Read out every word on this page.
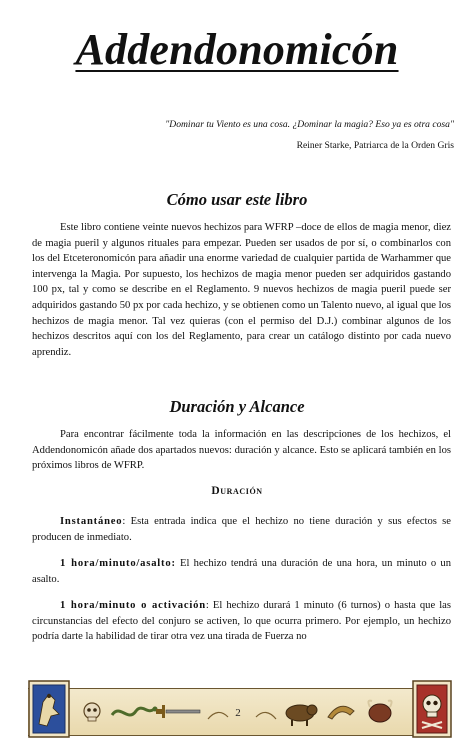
Addendonomicón

"Dominar tu Viento es una cosa. ¿Dominar la magia? Eso ya es otra cosa"

Reiner Starke, Patriarca de la Orden Gris

Cómo usar este libro

Este libro contiene veinte nuevos hechizos para WFRP –doce de ellos de magia menor, diez de magia pueril y algunos rituales para empezar. Pueden ser usados de por sí, o combinarlos con los del Etceteronomicón para añadir una enorme variedad de cualquier partida de Warhammer que intervenga la Magia. Por supuesto, los hechizos de magia menor pueden ser adquiridos gastando 100 px, tal y como se describe en el Reglamento. 9 nuevos hechizos de magia pueril puede ser adquiridos gastando 50 px por cada hechizo, y se obtienen como un Talento nuevo, al igual que los hechizos de magia menor. Tal vez quieras (con el permiso del D.J.) combinar algunos de los hechizos descritos aquí con los del Reglamento, para crear un catálogo distinto por cada nuevo aprendiz.

Duración y Alcance

Para encontrar fácilmente toda la información en las descripciones de los hechizos, el Addendonomicón añade dos apartados nuevos: duración y alcance. Esto se aplicará también en los próximos libros de WFRP.

Duración

Instantáneo: Esta entrada indica que el hechizo no tiene duración y sus efectos se producen de inmediato.

1 hora/minuto/asalto: El hechizo tendrá una duración de una hora, un minuto o un asalto.

1 hora/minuto o activación: El hechizo durará 1 minuto (6 turnos) o hasta que las circunstancias del efecto del conjuro se activen, lo que ocurra primero. Por ejemplo, un hechizo podría darte la habilidad de tirar otra vez una tirada de Fuerza no

2
